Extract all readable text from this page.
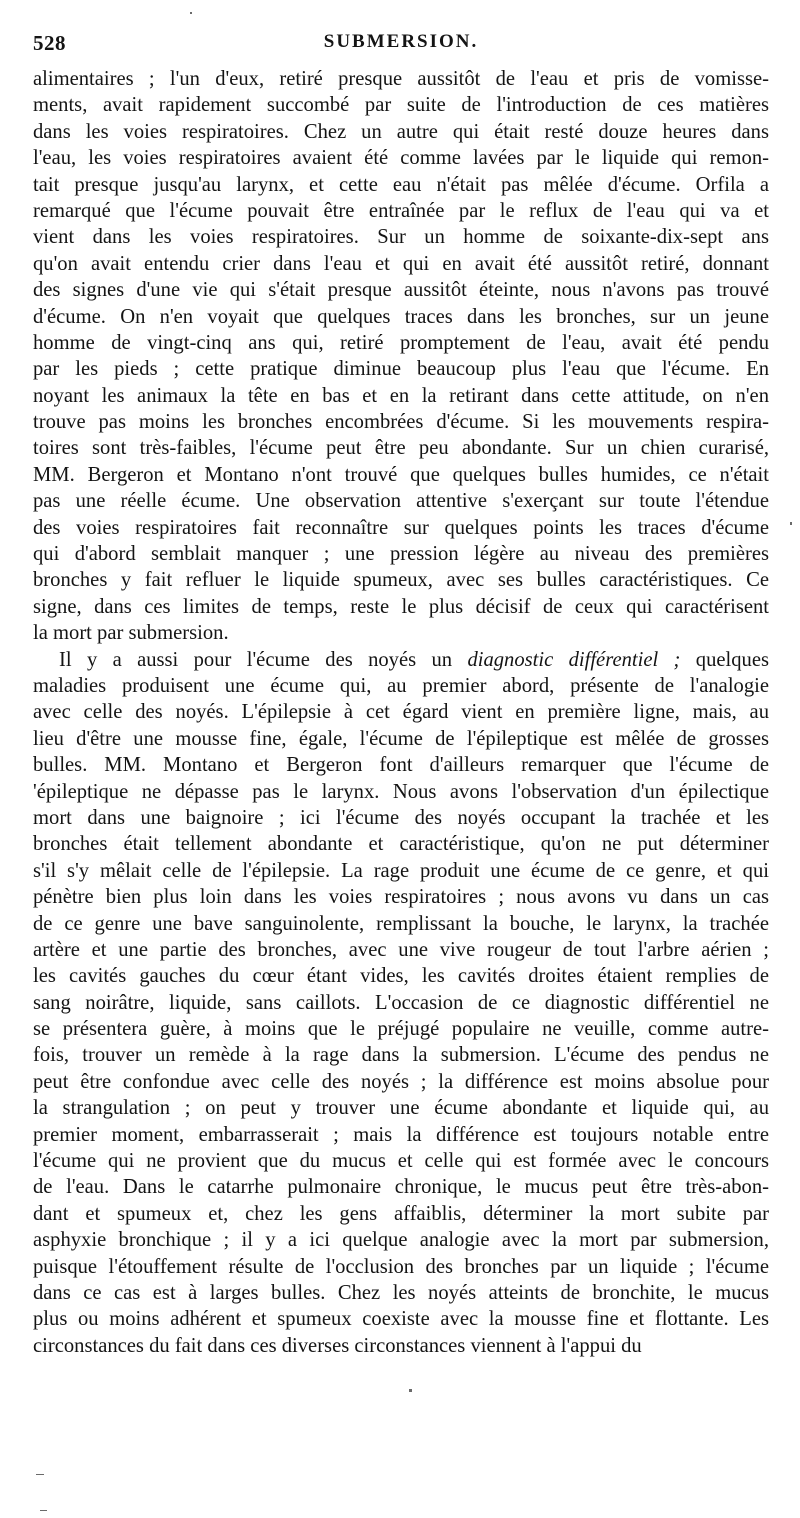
528	SUBMERSION.
alimentaires ; l'un d'eux, retiré presque aussitôt de l'eau et pris de vomisse-
ments, avait rapidement succombé par suite de l'introduction de ces matières
dans les voies respiratoires. Chez un autre qui était resté douze heures dans
l'eau, les voies respiratoires avaient été comme lavées par le liquide qui remon-
tait presque jusqu'au larynx, et cette eau n'était pas mêlée d'écume. Orfila a
remarqué que l'écume pouvait être entraînée par le reflux de l'eau qui va et
vient dans les voies respiratoires. Sur un homme de soixante-dix-sept ans
qu'on avait entendu crier dans l'eau et qui en avait été aussitôt retiré, donnant
des signes d'une vie qui s'était presque aussitôt éteinte, nous n'avons pas trouvé
d'écume. On n'en voyait que quelques traces dans les bronches, sur un jeune
homme de vingt-cinq ans qui, retiré promptement de l'eau, avait été pendu
par les pieds ; cette pratique diminue beaucoup plus l'eau que l'écume. En
noyant les animaux la tête en bas et en la retirant dans cette attitude, on n'en
trouve pas moins les bronches encombrées d'écume. Si les mouvements respira-
toires sont très-faibles, l'écume peut être peu abondante. Sur un chien curarisé,
MM. Bergeron et Montano n'ont trouvé que quelques bulles humides, ce n'était
pas une réelle écume. Une observation attentive s'exerçant sur toute l'étendue
des voies respiratoires fait reconnaître sur quelques points les traces d'écume
qui d'abord semblait manquer ; une pression légère au niveau des premières
bronches y fait refluer le liquide spumeux, avec ses bulles caractéristiques. Ce
signe, dans ces limites de temps, reste le plus décisif de ceux qui caractérisent
la mort par submersion.
Il y a aussi pour l'écume des noyés un diagnostic différentiel ; quelques
maladies produisent une écume qui, au premier abord, présente de l'analogie
avec celle des noyés. L'épilepsie à cet égard vient en première ligne, mais, au
lieu d'être une mousse fine, égale, l'écume de l'épileptique est mêlée de grosses
bulles. MM. Montano et Bergeron font d'ailleurs remarquer que l'écume de
'épileptique ne dépasse pas le larynx. Nous avons l'observation d'un épilectique
mort dans une baignoire ; ici l'écume des noyés occupant la trachée et les
bronches était tellement abondante et caractéristique, qu'on ne put déterminer
s'il s'y mêlait celle de l'épilepsie. La rage produit une écume de ce genre, et qui
pénètre bien plus loin dans les voies respiratoires ; nous avons vu dans un cas
de ce genre une bave sanguinolente, remplissant la bouche, le larynx, la trachée
artère et une partie des bronches, avec une vive rougeur de tout l'arbre aérien ;
les cavités gauches du cœur étant vides, les cavités droites étaient remplies de
sang noirâtre, liquide, sans caillots. L'occasion de ce diagnostic différentiel ne
se présentera guère, à moins que le préjugé populaire ne veuille, comme autre-
fois, trouver un remède à la rage dans la submersion. L'écume des pendus ne
peut être confondue avec celle des noyés ; la différence est moins absolue pour
la strangulation ; on peut y trouver une écume abondante et liquide qui, au
premier moment, embarrasserait ; mais la différence est toujours notable entre
l'écume qui ne provient que du mucus et celle qui est formée avec le concours
de l'eau. Dans le catarrhe pulmonaire chronique, le mucus peut être très-abon-
dant et spumeux et, chez les gens affaiblis, déterminer la mort subite par
asphyxie bronchique ; il y a ici quelque analogie avec la mort par submersion,
puisque l'étouffement résulte de l'occlusion des bronches par un liquide ; l'écume
dans ce cas est à larges bulles. Chez les noyés atteints de bronchite, le mucus
plus ou moins adhérent et spumeux coexiste avec la mousse fine et flottante. Les
circonstances du fait dans ces diverses circonstances viennent à l'appui du
